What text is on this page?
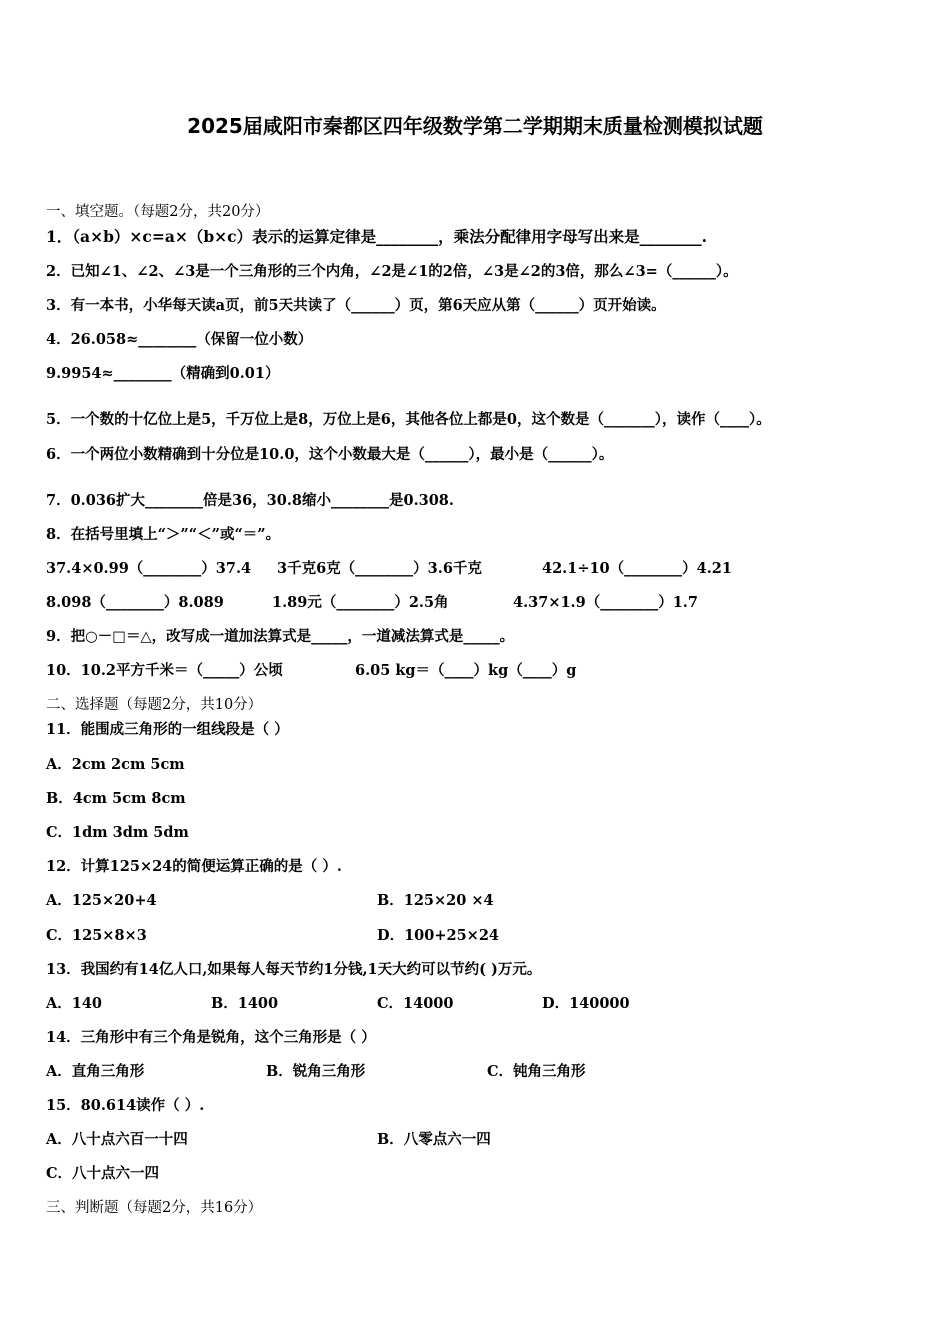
2025届咸阳市秦都区四年级数学第二学期期末质量检测模拟试题
一、填空题。（每题2分，共20分）
1．（a×b）×c=a×（b×c）表示的运算定律是________，乘法分配律用字母写出来是________.
2．已知∠1、∠2、∠3是一个三角形的三个内角，∠2是∠1的2倍，∠3是∠2的3倍，那么∠3=（______）。
3．有一本书，小华每天读a页，前5天共读了（______）页，第6天应从第（______）页开始读。
4．26.058≈________（保留一位小数）
9.9954≈________（精确到0.01）
5．一个数的十亿位上是5，千万位上是8，万位上是6，其他各位上都是0，这个数是（_______），读作（____）。
6．一个两位小数精确到十分位是10.0，这个小数最大是（______），最小是（______）。
7．0.036扩大________倍是36，30.8缩小________是0.308.
8．在括号里填上“＞”“＜”或“＝”。
37.4×0.99（________）37.4 3千克6克（________）3.6千克	42.1÷10（________）4.21
8.098（________）8.089	1.89元（________）2.5角	4.37×1.9（________）1.7
9．把○－□＝△，改写成一道加法算式是_____，一道减法算式是_____。
10．10.2平方千米＝（_____）公顷	6.05 kg＝（____）kg（____）g
二、选择题（每题2分，共10分）
11．能围成三角形的一组线段是（ ）
A．2cm 2cm 5cm
B．4cm 5cm 8cm
C．1dm 3dm 5dm
12．计算125×24的简便运算正确的是（ ）.
A．125×20+4	B．125×20 ×4
C．125×8×3	D．100+25×24
13．我国约有14亿人口,如果每人每天节约1分钱,1天大约可以节约( )万元。
A．140	B．1400	C．14000	D．140000
14．三角形中有三个角是锐角，这个三角形是（ ）
A．直角三角形	B．锐角三角形	C．钝角三角形
15．80.614读作（ ）.
A．八十点六百一十四	B．八零点六一四
C．八十点六一四
三、判断题（每题2分，共16分）
